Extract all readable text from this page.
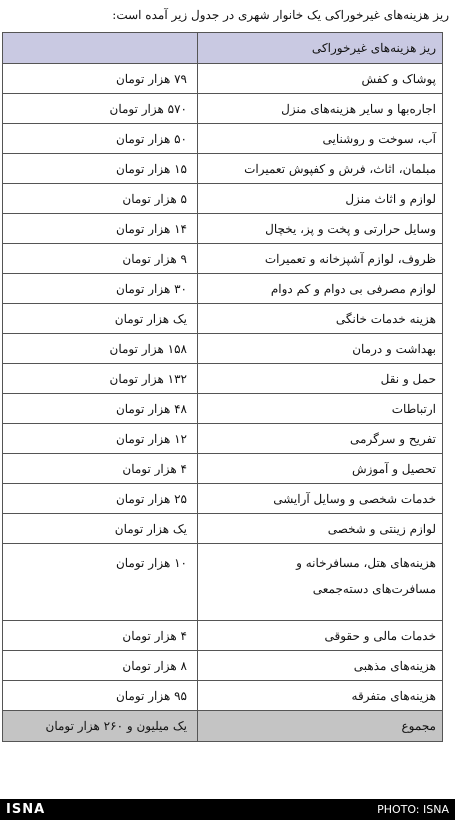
ریز هزینه‌های غیرخوراکی یک خانوار شهری در جدول زیر آمده است:
ریز هزینه‌های غیرخوراکی	
پوشاک و کفش	۷۹ هزار تومان
اجاره‌بها و سایر هزینه‌های منزل	۵۷۰ هزار تومان
آب، سوخت و روشنایی	۵۰ هزار تومان
مبلمان، اثاث، فرش و کفپوش تعمیرات	۱۵ هزار تومان
لوازم و اثاث منزل	۵ هزار تومان
وسایل حرارتی و پخت و پز، یخچال	۱۴ هزار تومان
ظروف، لوازم آشپزخانه و تعمیرات	۹ هزار تومان
لوازم مصرفی بی دوام و کم دوام	۳۰ هزار تومان
هزینه خدمات خانگی	یک هزار تومان
بهداشت و درمان	۱۵۸ هزار تومان
حمل و نقل	۱۳۲ هزار تومان
ارتباطات	۴۸ هزار تومان
تفریح و سرگرمی	۱۲ هزار تومان
تحصیل و آموزش	۴ هزار تومان
خدمات شخصی و وسایل آرایشی	۲۵ هزار تومان
لوازم زینتی و شخصی	یک هزار تومان

هزینه‌های هتل، مسافرخانه و
مسافرت‌های دسته‌جمعی	۱۰ هزار تومان
خدمات مالی و حقوقی	۴ هزار تومان
هزینه‌های مذهبی	۸ هزار تومان
هزینه‌های متفرقه	۹۵ هزار تومان
مجموع	یک میلیون و ۲۶۰ هزار تومان
ISNA	PHOTO: ISNA
